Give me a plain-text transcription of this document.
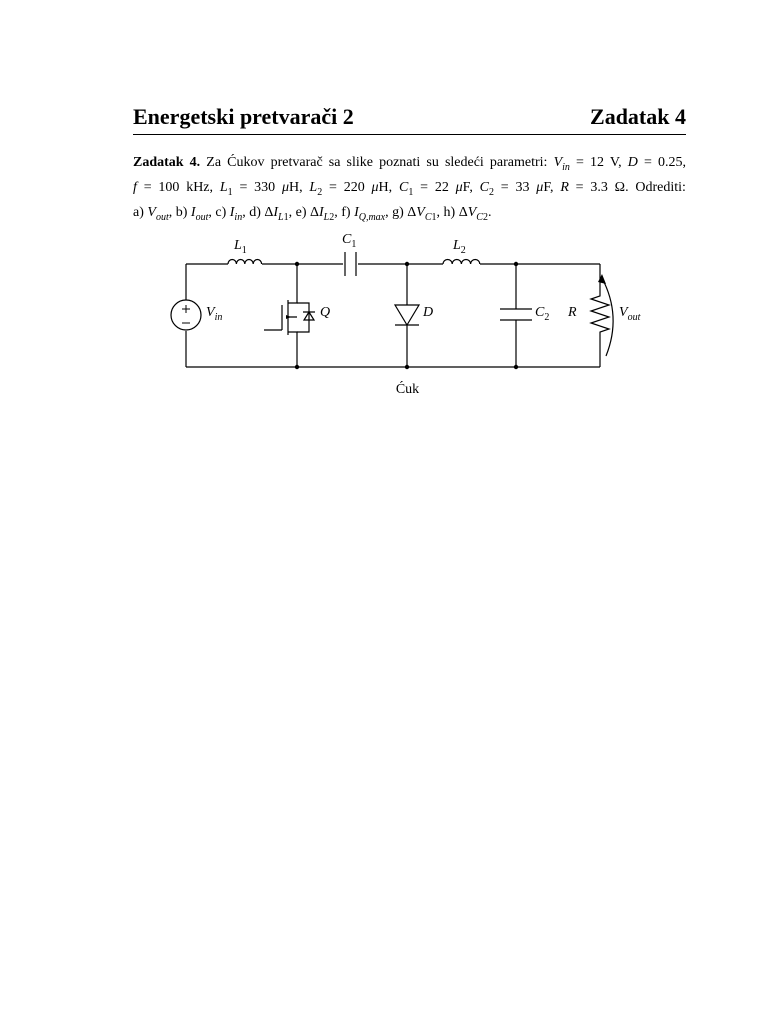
Energetski pretvarači 2	Zadatak 4
Zadatak 4. Za Ćukov pretvarač sa slike poznati su sledeći parametri: $V_{in} = 12$ V, D = 0.25,
f = 100 kHz, $L_1 = 330$ μH, $L_2 = 220$ μH, $C_1 = 22$ μF, $C_2 = 33$ μF, R = 3.3 Ω. Odrediti:
a) $V_{out}$, b) $I_{out}$, c) $I_{in}$, d) $\Delta I_{L1}$, e) $\Delta I_{L2}$, f) $I_{Q,max}$, g) $\Delta V_{C1}$, h) $\Delta V_{C2}$.
$L_1$
$C_1$	$L_2$
$V_{in}$	Q	D	$C_2$ R	$V_{out}$
Ćuk
